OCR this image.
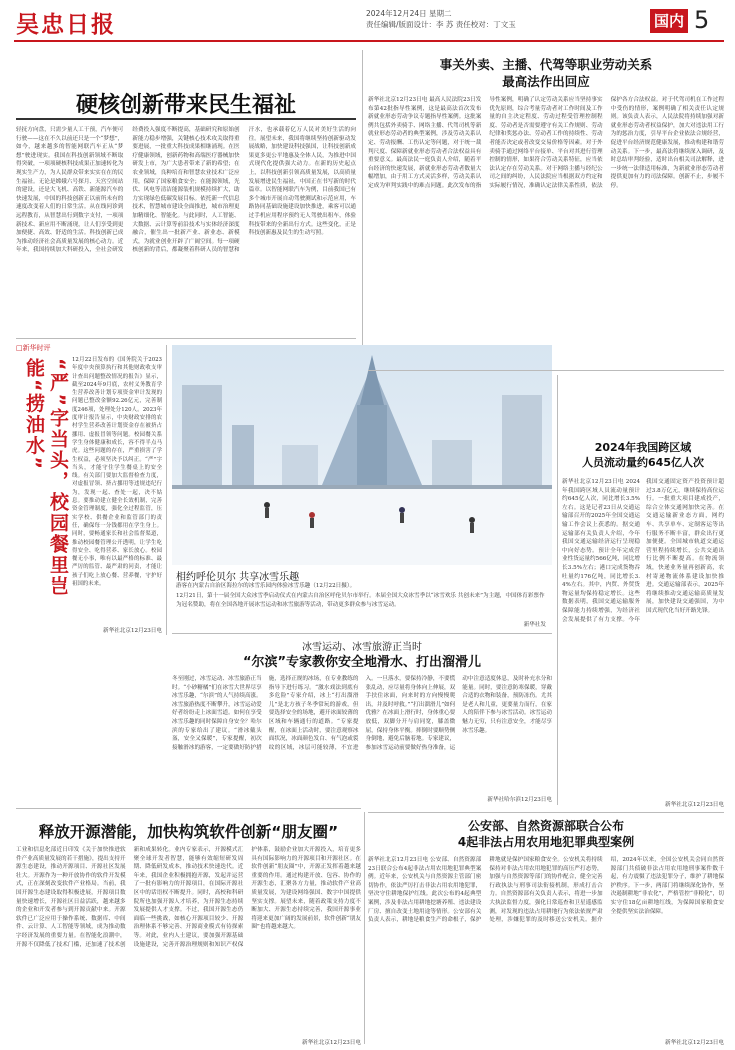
吴忠日报	2024年12月24日 星期二
责任编辑/版面设计：李 苏 责任校对：丁文玉	国内 5
硬核创新带来民生福祉
轻抚方向盘，只需少量人工干预，汽车便可行驶——这在不久以前还只是一个“梦想”，如今，越来越多的智能网联汽车正从“梦想”驶进现实。我国在科技创新领域不断取得突破，一项项硬核科技成果正加速转化为现实生产力，为人民群众带来实实在在的民生福祉。无论是嫦娥六号探月、天宫空间站的建设，还是大飞机、高铁、新能源汽车的快速发展，中国的科技创新正以前所未有的速度改变着人们的日常生活。从在线问诊到远程教育，从智慧出行到数字支付，一项项新技术、新应用不断涌现，让人们享受到更加便捷、高效、舒适的生活。科技创新已成为推动经济社会高质量发展的核心动力。近年来，我国持续加大科研投入，全社会研发经费投入强度不断提高，基础研究和原始创新能力稳步增强，关键核心技术攻关取得重要进展，一批重大科技成果相继涌现。在医疗健康领域，创新药物和高端医疗器械加快研发上市，为广大患者带来了新的希望；在农业领域，良种培育和智慧农业技术广泛应用，保障了国家粮食安全；在能源领域，光伏、风电等清洁能源装机规模持续扩大，助力实现绿色低碳发展目标。依托新一代信息技术，智慧城市建设全面推进，城市治理更加精细化、智能化。与此同时，人工智能、大数据、云计算等前沿技术与实体经济深度融合，催生出一批新产业、新业态、新模式，为就业创业开辟了广阔空间。每一项硬核创新的背后，都凝聚着科研人员的智慧和汗水，也承载着亿万人民对美好生活的向往。展望未来，我国将继续坚持创新驱动发展战略，加快建设科技强国，让科技创新成果更多更公平地惠及全体人民，为推进中国式现代化提供强大动力。在新的历史起点上，以科技创新引领高质量发展，以高质量发展增进民生福祉，中国正在书写新的时代篇章。以智能网联汽车为例，目前我国已有多个城市开展自动驾驶测试和示范应用，车路协同基础设施建设加快推进，乘客可以通过手机应用程序预约无人驾驶出租车，体验科技带来的全新出行方式。这些变化，正是科技创新惠及民生的生动写照。
事关外卖、主播、代驾等职业劳动关系
最高法作出回应
新华社北京12月23日电 最高人民法院23日发布第42批指导性案例，这是最高法首次发布新就业形态劳动争议专题指导性案例。这批案例共包括外卖骑手、网络主播、代驾司机等新就业形态劳动者的典型案例，涉及劳动关系认定、劳动报酬、工伤认定等问题，对于统一裁判尺度、保障新就业形态劳动者合法权益具有重要意义。最高法民一庭负责人介绍，随着平台经济的快速发展，新就业形态劳动者数量大幅增加，由于用工方式灵活多样，劳动关系认定成为审判实践中的难点问题。此次发布的指导性案例，明确了认定劳动关系应当坚持事实优先原则，综合考量劳动者对工作时间及工作量的自主决定程度、劳动过程受管理控制程度、劳动者是否需要遵守有关工作规则、劳动纪律和奖惩办法、劳动者工作的持续性、劳动者能否决定或者改变交易价格等因素。对于外卖骑手通过网络平台接单、平台对其进行管理控制的情形，如果符合劳动关系特征，应当依法认定存在劳动关系。对于网络主播与经纪公司之间的纠纷，人民法院应当根据双方约定和实际履行情况，准确认定法律关系性质，依法保护各方合法权益。对于代驾司机在工作过程中受伤的情形，案例明确了相关责任认定规则。该负责人表示，人民法院将持续加强对新就业形态劳动者权益保护，加大对违法用工行为的惩治力度，引导平台企业依法合规经营，促进平台经济规范健康发展，推动构建和谐劳动关系。下一步，最高法将继续深入调研，及时总结审判经验，适时出台相关司法解释，进一步统一法律适用标准，为新就业形态劳动者提供更加有力的司法保障。创新不止，步履不停。
□新华时评
“严”字当头，校园餐里岂能“捞油水”	12月22日发布的《国务院关于2023年度中央预算执行和其他财政收支审计查出问题整改情况的报告》显示，截至2024年9月底，农村义务教育学生营养改善计划专项资金审计发现的问题已整改金额92.26亿元，完善制度246项，处理处分120人。2023年度审计报告显示，中央财政安排的农村学生营养改善计划资金存在被挤占挪用、虚报冒领等问题。校园餐关系学生身体健康和成长，容不得半点马虎。这些问题的存在，严重损害了学生权益，必须坚决予以纠正。“严”字当头，才能守住学生餐桌上的安全线。有关部门要加大监督检查力度，对虚报冒领、挤占挪用等违规违纪行为，发现一起、查处一起，决不姑息。要推动建立健全长效机制，完善资金管理制度，强化全过程监管，压实学校、供餐企业和监管部门的责任，确保每一分钱都用在学生身上。同时，要畅通家长和社会监督渠道，推动校园餐管理公开透明，让学生吃得安全、吃得营养、家长放心。校园餐无小事，唯有以最严格的标准、最严厉的监管、最严肃的问责，才能让孩子们吃上放心餐、营养餐，守护好祖国的未来。
新华社北京12月23日电
相约呼伦贝尔 共享冰雪乐趣
游客在内蒙古自治区海拉尔的冰雪乐园内体验冰雪乐趣（12月22日摄）。
12月21日，第十一届全国大众冰雪季启动仪式在内蒙古自治区呼伦贝尔市举行。本届全国大众冰雪季以“冰雪欢乐 共创未来”为主题，中国体育彩票作为冠名赞助，将在全国各地开展冰雪运动和冰雪旅游等活动，带动更多群众参与冰雪运动。
新华社发
冰雪运动、冰雪旅游正当时
“尔滨”专家教你安全地滑水、打出溜滑儿
冬至刚过，冰雪运动、冰雪旅游正当时。“小砂糖橘”们在冰雪大世界尽享冰雪乐趣，“尔滨”的人气持续高涨。冰雪旅游热度不断攀升，冰雪运动爱好者纷纷走上冰面雪道。如何在享受冰雪乐趣的同时保障自身安全？哈尔滨的专家给出了建议。“滑冰戴头盔，安全又保暖”，专家提醒，初次接触滑冰的游客，一定要做好防护措施，选择正规的冰场，在专业教练的指导下进行练习。“激水戏法到底有多危险”专家介绍，冰上“打出溜滑儿”是北方孩子冬季常玩的游戏，但要选择安全的场地，避开冰面较薄的区域和车辆通行的道路。“专家提醒，在冰面上活动时，要注意观察冰面状况，冰面颜色发白、有气泡或裂纹的区域，冰层可能较薄，不宜进入。一旦落水，要保持冷静，不要慌张乱动，应尽量将身体向上伸展，双手扶住冰面，向来时的方向慢慢爬出，并及时呼救。”“打出溜滑儿”如何优雅？在冰面上滑行时，身体重心要放低，双脚分开与肩同宽，膝盖微屈，保持身体平衡。摔倒时要顺势侧身倒地，避免后脑着地。专家建议，参加冰雪运动前要做好热身准备，运动中注意适度休息，及时补充水分和能量。同时，要注意防寒保暖，穿戴合适的衣物和装备，预防冻伤。尤其是老人和儿童，更要量力而行，在家人的陪伴下参与冰雪活动。冰雪运动魅力无穷，只有注意安全，才能尽享冰雪乐趣。
新华社哈尔滨12月23日电
2024年我国跨区域
人员流动量约645亿人次
新华社北京12月23日电 2024年我国跨区域人员流动量预计约645亿人次，同比增长3.5%左右。这是记者23日从交通运输部召开的2025年全国交通运输工作会议上获悉的。据交通运输部有关负责人介绍，今年我国交通运输经济运行呈现稳中向好态势。预计全年完成营业性货运量约566亿吨，同比增长3.5%左右；港口完成货物吞吐量约176亿吨，同比增长3.4%左右。其中，内贸、外贸货物运量均保持稳定增长。这些数据表明，我国交通运输服务保障能力持续增强，为经济社会发展提供了有力支撑。今年我国交通固定资产投资预计超过3.8万亿元，继续保持高位运行。一批重大项目建成投产，综合立体交通网加快完善。在交通运输新业态方面，网约车、共享单车、定制客运等出行服务不断丰富，群众出行更加便捷。全国城市轨道交通运营里程持续增长，公共交通出行比例不断提高。在物流领域，快递业务量再创新高，农村寄递物流体系建设加快推进。交通运输部表示，2025年将继续推动交通运输高质量发展，加快建设交通强国，为中国式现代化当好开路先锋。
新华社北京12月23日电
公安部、自然资源部联合公布
4起非法占用农用地犯罪典型案例
新华社北京12月23日电 公安部、自然资源部23日联合公布4起非法占用农用地犯罪典型案例。近年来，公安机关与自然资源主管部门密切协作，依法严厉打击非法占用农用地犯罪，坚决守住耕地保护红线。此次公布的4起典型案例，涉及非法占用耕地挖塘养殖、违法建设厂房、擅自改变土地用途等情形。公安部有关负责人表示，耕地是粮食生产的命根子，保护耕地就是保护国家粮食安全。公安机关将持续保持对非法占用农用地犯罪的高压严打态势，加强与自然资源等部门的协作配合，健全完善行政执法与刑事司法衔接机制，形成打击合力。自然资源部有关负责人表示，将进一步加大执法监督力度，强化日常巡查和卫星遥感监测，对发现的违法占用耕地行为依法依规严肃处理，涉嫌犯罪的及时移送公安机关。据介绍，2024年以来，全国公安机关会同自然资源部门共侦破非法占用农用地刑事案件数千起，有力震慑了违法犯罪分子，维护了耕地保护秩序。下一步，两部门将继续深化协作，坚决遏制耕地“非农化”，严格管控“非粮化”，切实守住18亿亩耕地红线，为保障国家粮食安全提供坚实法治保障。
新华社北京12月23日电
释放开源潜能，加快构筑软件创新“朋友圈”
工业和信息化部近日印发《关于加快推进软件产业高质量发展的若干措施》，提出支持开源生态建设，推动开源项目、开源社区发展壮大。开源作为一种开放协作的软件开发模式，正在深刻改变软件产业格局。当前，我国开源生态建设取得积极进展，开源项目数量快速增长，开源社区日益活跃，越来越多的企业和开发者参与到开源贡献中来。开源软件已广泛应用于操作系统、数据库、中间件、云计算、人工智能等领域，成为推动数字经济发展的重要力量。在智能化浪潮中，开源不仅降低了技术门槛，还加速了技术创新和成果转化。业内专家表示，开源模式汇聚全球开发者智慧，能够有效缩短研发周期、降低研发成本，推动技术快速迭代。近年来，我国企业积极拥抱开源，发起并运营了一批有影响力的开源项目，在国际开源社区中的话语权不断提升。同时，高校和科研院所也加强开源人才培养，为开源生态持续发展提供人才支撑。不过，我国开源生态仍面临一些挑战，如核心开源项目较少、开源治理体系不够完善、开源商业模式有待探索等。对此，业内人士建议，要加强开源基础设施建设，完善开源治理规则和知识产权保护体系，鼓励企业加大开源投入，培育更多具有国际影响力的开源项目和开源社区。在软件创新“朋友圈”中，开源正发挥着越来越重要的作用。通过构建开放、包容、协作的开源生态，汇聚各方力量，推动软件产业高质量发展，为建设网络强国、数字中国提供坚实支撑。展望未来，随着政策支持力度不断加大、开源生态持续完善，我国开源事业将迎来更加广阔的发展前景，软件创新“朋友圈”也将越来越大。
新华社北京12月23日电
